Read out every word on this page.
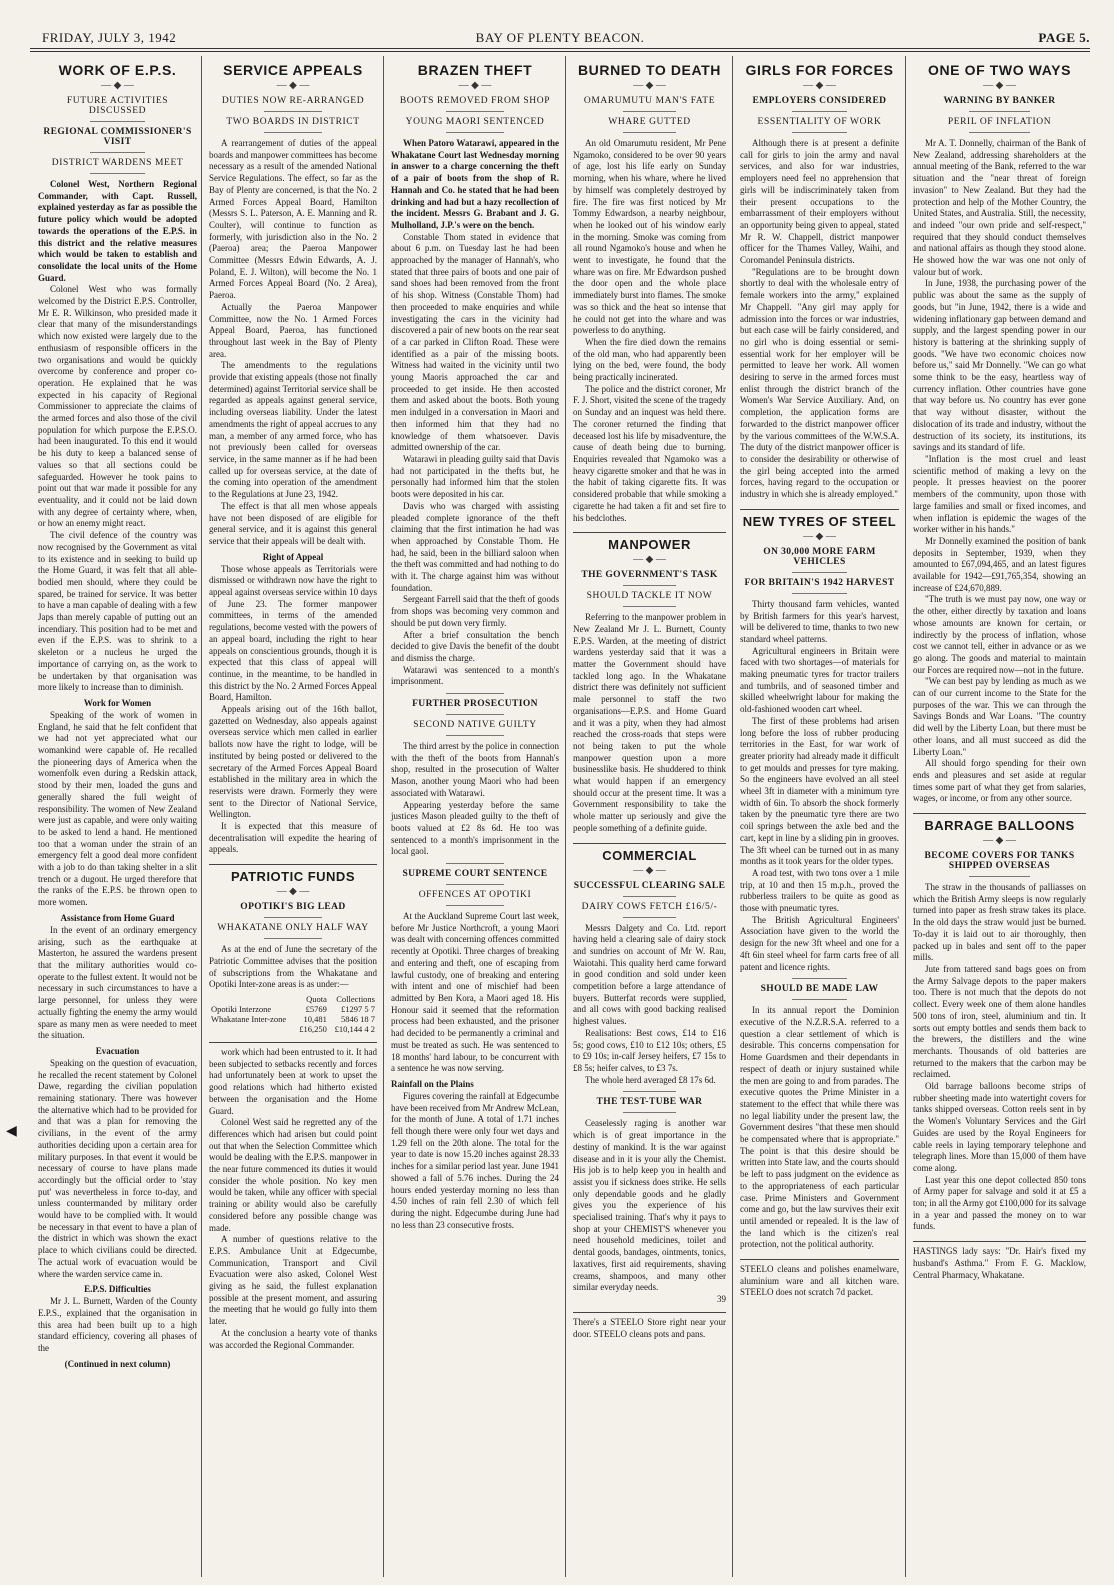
FRIDAY, JULY 3, 1942	BAY OF PLENTY BEACON.	PAGE 5.
◀
WORK OF E.P.S.
— ◆ —
FUTURE ACTIVITIES DISCUSSED
REGIONAL COMMISSIONER'S VISIT
DISTRICT WARDENS MEET

Colonel West, Northern Regional Commander, with Capt. Russell, explained yesterday as far as possible the future policy which would be adopted towards the operations of the E.P.S. in this district and the relative measures which would be taken to establish and consolidate the local units of the Home Guard.

Colonel West who was formally welcomed by the District E.P.S. Controller, Mr E. R. Wilkinson, who presided made it clear that many of the misunderstandings which now existed were largely due to the enthusiasm of responsible officers in the two organisations and would be quickly overcome by conference and proper co-operation. He explained that he was expected in his capacity of Regional Commissioner to appreciate the claims of the armed forces and also those of the civil population for which purpose the E.P.S.O. had been inaugurated. To this end it would be his duty to keep a balanced sense of values so that all sections could be safeguarded. However he took pains to point out that war made it possible for any eventuality, and it could not be laid down with any degree of certainty where, when, or how an enemy might react.

The civil defence of the country was now recognised by the Government as vital to its existence and in seeking to build up the Home Guard, it was felt that all able-bodied men should, where they could be spared, be trained for service. It was better to have a man capable of dealing with a few Japs than merely capable of putting out an incendiary. This position had to be met and even if the E.P.S. was to shrink to a skeleton or a nucleus he urged the importance of carrying on, as the work to be undertaken by that organisation was more likely to increase than to diminish.

Work for Women

Speaking of the work of women in England, he said that he felt confident that we had not yet appreciated what our womankind were capable of. He recalled the pioneering days of America when the womenfolk even during a Redskin attack, stood by their men, loaded the guns and generally shared the full weight of responsibility. The women of New Zealand were just as capable, and were only waiting to be asked to lend a hand. He mentioned too that a woman under the strain of an emergency felt a good deal more confident with a job to do than taking shelter in a slit trench or a dugout. He urged therefore that the ranks of the E.P.S. be thrown open to more women.

Assistance from Home Guard

In the event of an ordinary emergency arising, such as the earthquake at Masterton, he assured the wardens present that the military authorities would co-operate to the fullest extent. It would not be necessary in such circumstances to have a large personnel, for unless they were actually fighting the enemy the army would spare as many men as were needed to meet the situation.

Evacuation

Speaking on the question of evacuation, he recalled the recent statement by Colonel Dawe, regarding the civilian population remaining stationary. There was however the alternative which had to be provided for and that was a plan for removing the civilians, in the event of the army authorities deciding upon a certain area for military purposes. In that event it would be necessary of course to have plans made accordingly but the official order to 'stay put' was nevertheless in force to-day, and unless countermanded by military order would have to be complied with. It would be necessary in that event to have a plan of the district in which was shown the exact place to which civilians could be directed. The actual work of evacuation would be where the warden service came in.

E.P.S. Difficulties

Mr J. L. Burnett, Warden of the County E.P.S., explained that the organisation in this area had been built up to a high standard efficiency, covering all phases of the

(Continued in next column)
SERVICE APPEALS
— ◆ —
DUTIES NOW RE-ARRANGED
TWO BOARDS IN DISTRICT

A rearrangement of duties of the appeal boards and manpower committees has become necessary as a result of the amended National Service Regulations. The effect, so far as the Bay of Plenty are concerned, is that the No. 2 Armed Forces Appeal Board, Hamilton (Messrs S. L. Paterson, A. E. Manning and R. Coulter), will continue to function as formerly, with jurisdiction also in the No. 2 (Paeroa) area; the Paeroa Manpower Committee (Messrs Edwin Edwards, A. J. Poland, E. J. Wilton), will become the No. 1 Armed Forces Appeal Board (No. 2 Area), Paeroa.

Actually the Paeroa Manpower Committee, now the No. 1 Armed Forces Appeal Board, Paeroa, has functioned throughout last week in the Bay of Plenty area.

The amendments to the regulations provide that existing appeals (those not finally determined) against Territorial service shall be regarded as appeals against general service, including overseas liability. Under the latest amendments the right of appeal accrues to any man, a member of any armed force, who has not previously been called for overseas service, in the same manner as if he had been called up for overseas service, at the date of the coming into operation of the amendment to the Regulations at June 23, 1942.

The effect is that all men whose appeals have not been disposed of are eligible for general service, and it is against this general service that their appeals will be dealt with.

Right of Appeal

Those whose appeals as Territorials were dismissed or withdrawn now have the right to appeal against overseas service within 10 days of June 23. The former manpower committees, in terms of the amended regulations, become vested with the powers of an appeal board, including the right to hear appeals on conscientious grounds, though it is expected that this class of appeal will continue, in the meantime, to be handled in this district by the No. 2 Armed Forces Appeal Board, Hamilton.

Appeals arising out of the 16th ballot, gazetted on Wednesday, also appeals against overseas service which men called in earlier ballots now have the right to lodge, will be instituted by being posted or delivered to the secretary of the Armed Forces Appeal Board established in the military area in which the reservists were drawn. Formerly they were sent to the Director of National Service, Wellington.

It is expected that this measure of decentralisation will expedite the hearing of appeals.

PATRIOTIC FUNDS
— ◆ —
OPOTIKI'S BIG LEAD
WHAKATANE ONLY HALF WAY

As at the end of June the secretary of the Patriotic Committee advises that the position of subscriptions from the Whakatane and Opotiki Inter-zone areas is as under:—

	Quota	Collections
Opotiki Interzone	£5769	£1297 5 7
Whakatane Inter-zone	10,481	5846 18 7
	£16,250	£10,144 4 2

work which had been entrusted to it. It had been subjected to setbacks recently and forces had unfortunately been at work to upset the good relations which had hitherto existed between the organisation and the Home Guard.

Colonel West said he regretted any of the differences which had arisen but could point out that when the Selection Committee which would be dealing with the E.P.S. manpower in the near future commenced its duties it would consider the whole position. No key men would be taken, while any officer with special training or ability would also be carefully considered before any possible change was made.

A number of questions relative to the E.P.S. Ambulance Unit at Edgecumbe, Communication, Transport and Civil Evacuation were also asked, Colonel West giving as he said, the fullest explanation possible at the present moment, and assuring the meeting that he would go fully into them later.

At the conclusion a hearty vote of thanks was accorded the Regional Commander.

BRAZEN THEFT
— ◆ —
BOOTS REMOVED FROM SHOP
YOUNG MAORI SENTENCED

When Patoro Watarawi, appeared in the Whakatane Court last Wednesday morning in answer to a charge concerning the theft of a pair of boots from the shop of R. Hannah and Co. he stated that he had been drinking and had but a hazy recollection of the incident. Messrs G. Brabant and J. G. Mulholland, J.P.'s were on the bench.

Constable Thom stated in evidence that about 6 p.m. on Tuesday last he had been approached by the manager of Hannah's, who stated that three pairs of boots and one pair of sand shoes had been removed from the front of his shop. Witness (Constable Thom) had then proceeded to make enquiries and while investigating the cars in the vicinity had discovered a pair of new boots on the rear seat of a car parked in Clifton Road. These were identified as a pair of the missing boots. Witness had waited in the vicinity until two young Maoris approached the car and proceeded to get inside. He then accosted them and asked about the boots. Both young men indulged in a conversation in Maori and then informed him that they had no knowledge of them whatsoever. Davis admitted ownership of the car.

Watarawi in pleading guilty said that Davis had not participated in the thefts but, he personally had informed him that the stolen boots were deposited in his car.

Davis who was charged with assisting pleaded complete ignorance of the theft claiming that the first intimation he had was when approached by Constable Thom. He had, he said, been in the billiard saloon when the theft was committed and had nothing to do with it. The charge against him was without foundation.

Sergeant Farrell said that the theft of goods from shops was becoming very common and should be put down very firmly.

After a brief consultation the bench decided to give Davis the benefit of the doubt and dismiss the charge.

Watarawi was sentenced to a month's imprisonment.

FURTHER PROSECUTION
SECOND NATIVE GUILTY

The third arrest by the police in connection with the theft of the boots from Hannah's shop, resulted in the prosecution of Walter Mason, another young Maori who had been associated with Watarawi.

Appearing yesterday before the same justices Mason pleaded guilty to the theft of boots valued at £2 8s 6d. He too was sentenced to a month's imprisonment in the local gaol.

SUPREME COURT SENTENCE
OFFENCES AT OPOTIKI

At the Auckland Supreme Court last week, before Mr Justice Northcroft, a young Maori was dealt with concerning offences committed recently at Opotiki. Three charges of breaking and entering and theft, one of escaping from lawful custody, one of breaking and entering with intent and one of mischief had been admitted by Ben Kora, a Maori aged 18. His Honour said it seemed that the reformation process had been exhausted, and the prisoner had decided to be permanently a criminal and must be treated as such. He was sentenced to 18 months' hard labour, to be concurrent with a sentence he was now serving.

Rainfall on the Plains

Figures covering the rainfall at Edgecumbe have been received from Mr Andrew McLean, for the month of June. A total of 1.71 inches fell though there were only four wet days and 1.29 fell on the 20th alone. The total for the year to date is now 15.20 inches against 28.33 inches for a similar period last year. June 1941 showed a fall of 5.76 inches. During the 24 hours ended yesterday morning no less than 4.50 inches of rain fell 2.30 of which fell during the night. Edgecumbe during June had no less than 23 consecutive frosts.

BURNED TO DEATH
— ◆ —
OMARUMUTU MAN'S FATE
WHARE GUTTED

An old Omarumutu resident, Mr Pene Ngamoko, considered to be over 90 years of age, lost his life early on Sunday morning, when his whare, where he lived by himself was completely destroyed by fire. The fire was first noticed by Mr Tommy Edwardson, a nearby neighbour, when he looked out of his window early in the morning. Smoke was coming from all round Ngamoko's house and when he went to investigate, he found that the whare was on fire. Mr Edwardson pushed the door open and the whole place immediately burst into flames. The smoke was so thick and the heat so intense that he could not get into the whare and was powerless to do anything.

When the fire died down the remains of the old man, who had apparently been lying on the bed, were found, the body being practically incinerated.

The police and the district coroner, Mr F. J. Short, visited the scene of the tragedy on Sunday and an inquest was held there. The coroner returned the finding that deceased lost his life by misadventure, the cause of death being due to burning. Enquiries revealed that Ngamoko was a heavy cigarette smoker and that he was in the habit of taking cigarette fits. It was considered probable that while smoking a cigarette he had taken a fit and set fire to his bedclothes.

MANPOWER
— ◆ —
THE GOVERNMENT'S TASK
SHOULD TACKLE IT NOW

Referring to the manpower problem in New Zealand Mr J. L. Burnett, County E.P.S. Warden, at the meeting of district wardens yesterday said that it was a matter the Government should have tackled long ago. In the Whakatane district there was definitely not sufficient male personnel to staff the two organisations—E.P.S. and Home Guard and it was a pity, when they had almost reached the cross-roads that steps were not being taken to put the whole manpower question upon a more businesslike basis. He shuddered to think what would happen if an emergency should occur at the present time. It was a Government responsibility to take the whole matter up seriously and give the people something of a definite guide.

COMMERCIAL
— ◆ —
SUCCESSFUL CLEARING SALE
DAIRY COWS FETCH £16/5/-

Messrs Dalgety and Co. Ltd. report having held a clearing sale of dairy stock and sundries on account of Mr W. Rau, Waiotahi. This quality herd came forward in good condition and sold under keen competition before a large attendance of buyers. Butterfat records were supplied, and all cows with good backing realised highest values.

Realisations: Best cows, £14 to £16 5s; good cows, £10 to £12 10s; others, £5 to £9 10s; in-calf Jersey heifers, £7 15s to £8 5s; heifer calves, to £3 7s.

The whole herd averaged £8 17s 6d.

THE TEST-TUBE WAR

Ceaselessly raging is another war which is of great importance in the destiny of mankind. It is the war against disease and in it is your ally the Chemist. His job is to help keep you in health and assist you if sickness does strike. He sells only dependable goods and he gladly gives you the experience of his specialised training. That's why it pays to shop at your CHEMIST'S whenever you need household medicines, toilet and dental goods, bandages, ointments, tonics, laxatives, first aid requirements, shaving creams, shampoos, and many other similar everyday needs.

39

There's a STEELO Store right near your door. STEELO cleans pots and pans.

GIRLS FOR FORCES
— ◆ —
EMPLOYERS CONSIDERED
ESSENTIALITY OF WORK

Although there is at present a definite call for girls to join the army and naval services, and also for war industries, employers need feel no apprehension that girls will be indiscriminately taken from their present occupations to the embarrassment of their employers without an opportunity being given to appeal, stated Mr R. W. Chappell, district manpower officer for the Thames Valley, Waihi, and Coromandel Peninsula districts.

"Regulations are to be brought down shortly to deal with the wholesale entry of female workers into the army," explained Mr Chappell. "Any girl may apply for admission into the forces or war industries, but each case will be fairly considered, and no girl who is doing essential or semi-essential work for her employer will be permitted to leave her work. All women desiring to serve in the armed forces must enlist through the district branch of the Women's War Service Auxiliary. And, on completion, the application forms are forwarded to the district manpower officer by the various committees of the W.W.S.A. The duty of the district manpower officer is to consider the desirability or otherwise of the girl being accepted into the armed forces, having regard to the occupation or industry in which she is already employed."

NEW TYRES OF STEEL
— ◆ —
ON 30,000 MORE FARM VEHICLES
FOR BRITAIN'S 1942 HARVEST

Thirty thousand farm vehicles, wanted by British farmers for this year's harvest, will be delivered to time, thanks to two new standard wheel patterns.

Agricultural engineers in Britain were faced with two shortages—of materials for making pneumatic tyres for tractor trailers and tumbrils, and of seasoned timber and skilled wheelwright labour for making the old-fashioned wooden cart wheel.

The first of these problems had arisen long before the loss of rubber producing territories in the East, for war work of greater priority had already made it difficult to get moulds and presses for tyre making. So the engineers have evolved an all steel wheel 3ft in diameter with a minimum tyre width of 6in. To absorb the shock formerly taken by the pneumatic tyre there are two coil springs between the axle bed and the cart, kept in line by a sliding pin in grooves. The 3ft wheel can be turned out in as many months as it took years for the older types.

A road test, with two tons over a 1 mile trip, at 10 and then 15 m.p.h., proved the rubberless trailers to be quite as good as those with pneumatic tyres.

The British Agricultural Engineers' Association have given to the world the design for the new 3ft wheel and one for a 4ft 6in steel wheel for farm carts free of all patent and licence rights.

SHOULD BE MADE LAW

In its annual report the Dominion executive of the N.Z.R.S.A. referred to a question a clear settlement of which is desirable. This concerns compensation for Home Guardsmen and their dependants in respect of death or injury sustained while the men are going to and from parades. The executive quotes the Prime Minister in a statement to the effect that while there was no legal liability under the present law, the Government desires "that these men should be compensated where that is appropriate." The point is that this desire should be written into State law, and the courts should be left to pass judgment on the evidence as to the appropriateness of each particular case. Prime Ministers and Government come and go, but the law survives their exit until amended or repealed. It is the law of the land which is the citizen's real protection, not the political authority.

STEELO cleans and polishes enamelware, aluminium ware and all kitchen ware. STEELO does not scratch 7d packet.

ONE OF TWO WAYS
— ◆ —
WARNING BY BANKER
PERIL OF INFLATION

Mr A. T. Donnelly, chairman of the Bank of New Zealand, addressing shareholders at the annual meeting of the Bank, referred to the war situation and the "near threat of foreign invasion" to New Zealand. But they had the protection and help of the Mother Country, the United States, and Australia. Still, the necessity, and indeed "our own pride and self-respect," required that they should conduct themselves and national affairs as though they stood alone. He showed how the war was one not only of valour but of work.

In June, 1938, the purchasing power of the public was about the same as the supply of goods, but "in June, 1942, there is a wide and widening inflationary gap between demand and supply, and the largest spending power in our history is battering at the shrinking supply of goods. "We have two economic choices now before us," said Mr Donnelly. "We can go what some think to be the easy, heartless way of currency inflation. Other countries have gone that way before us. No country has ever gone that way without disaster, without the dislocation of its trade and industry, without the destruction of its society, its institutions, its savings and its standard of life.

"Inflation is the most cruel and least scientific method of making a levy on the people. It presses heaviest on the poorer members of the community, upon those with large families and small or fixed incomes, and when inflation is epidemic the wages of the worker wither in his hands."

Mr Donnelly examined the position of bank deposits in September, 1939, when they amounted to £67,094,465, and an latest figures available for 1942—£91,765,354, showing an increase of £24,670,889.

"The truth is we must pay now, one way or the other, either directly by taxation and loans whose amounts are known for certain, or indirectly by the process of inflation, whose cost we cannot tell, either in advance or as we go along. The goods and material to maintain our Forces are required now—not in the future.

"We can best pay by lending as much as we can of our current income to the State for the purposes of the war. This we can through the Savings Bonds and War Loans. "The country did well by the Liberty Loan, but there must be other loans, and all must succeed as did the Liberty Loan."

All should forgo spending for their own ends and pleasures and set aside at regular times some part of what they get from salaries, wages, or income, or from any other source.

BARRAGE BALLOONS
— ◆ —
BECOME COVERS FOR TANKS SHIPPED OVERSEAS

The straw in the thousands of palliasses on which the British Army sleeps is now regularly turned into paper as fresh straw takes its place. In the old days the straw would just be burned. To-day it is laid out to air thoroughly, then packed up in bales and sent off to the paper mills.

Jute from tattered sand bags goes on from the Army Salvage depots to the paper makers too. There is not much that the depots do not collect. Every week one of them alone handles 500 tons of iron, steel, aluminium and tin. It sorts out empty bottles and sends them back to the brewers, the distillers and the wine merchants. Thousands of old batteries are returned to the makers that the carbon may be reclaimed.

Old barrage balloons become strips of rubber sheeting made into watertight covers for tanks shipped overseas. Cotton reels sent in by the Women's Voluntary Services and the Girl Guides are used by the Royal Engineers for cable reels in laying temporary telephone and telegraph lines. More than 15,000 of them have come along.

Last year this one depot collected 850 tons of Army paper for salvage and sold it at £5 a ton; in all the Army got £100,000 for its salvage in a year and passed the money on to war funds.

HASTINGS lady says: "Dr. Hair's fixed my husband's Asthma." From F. G. Macklow, Central Pharmacy, Whakatane.
